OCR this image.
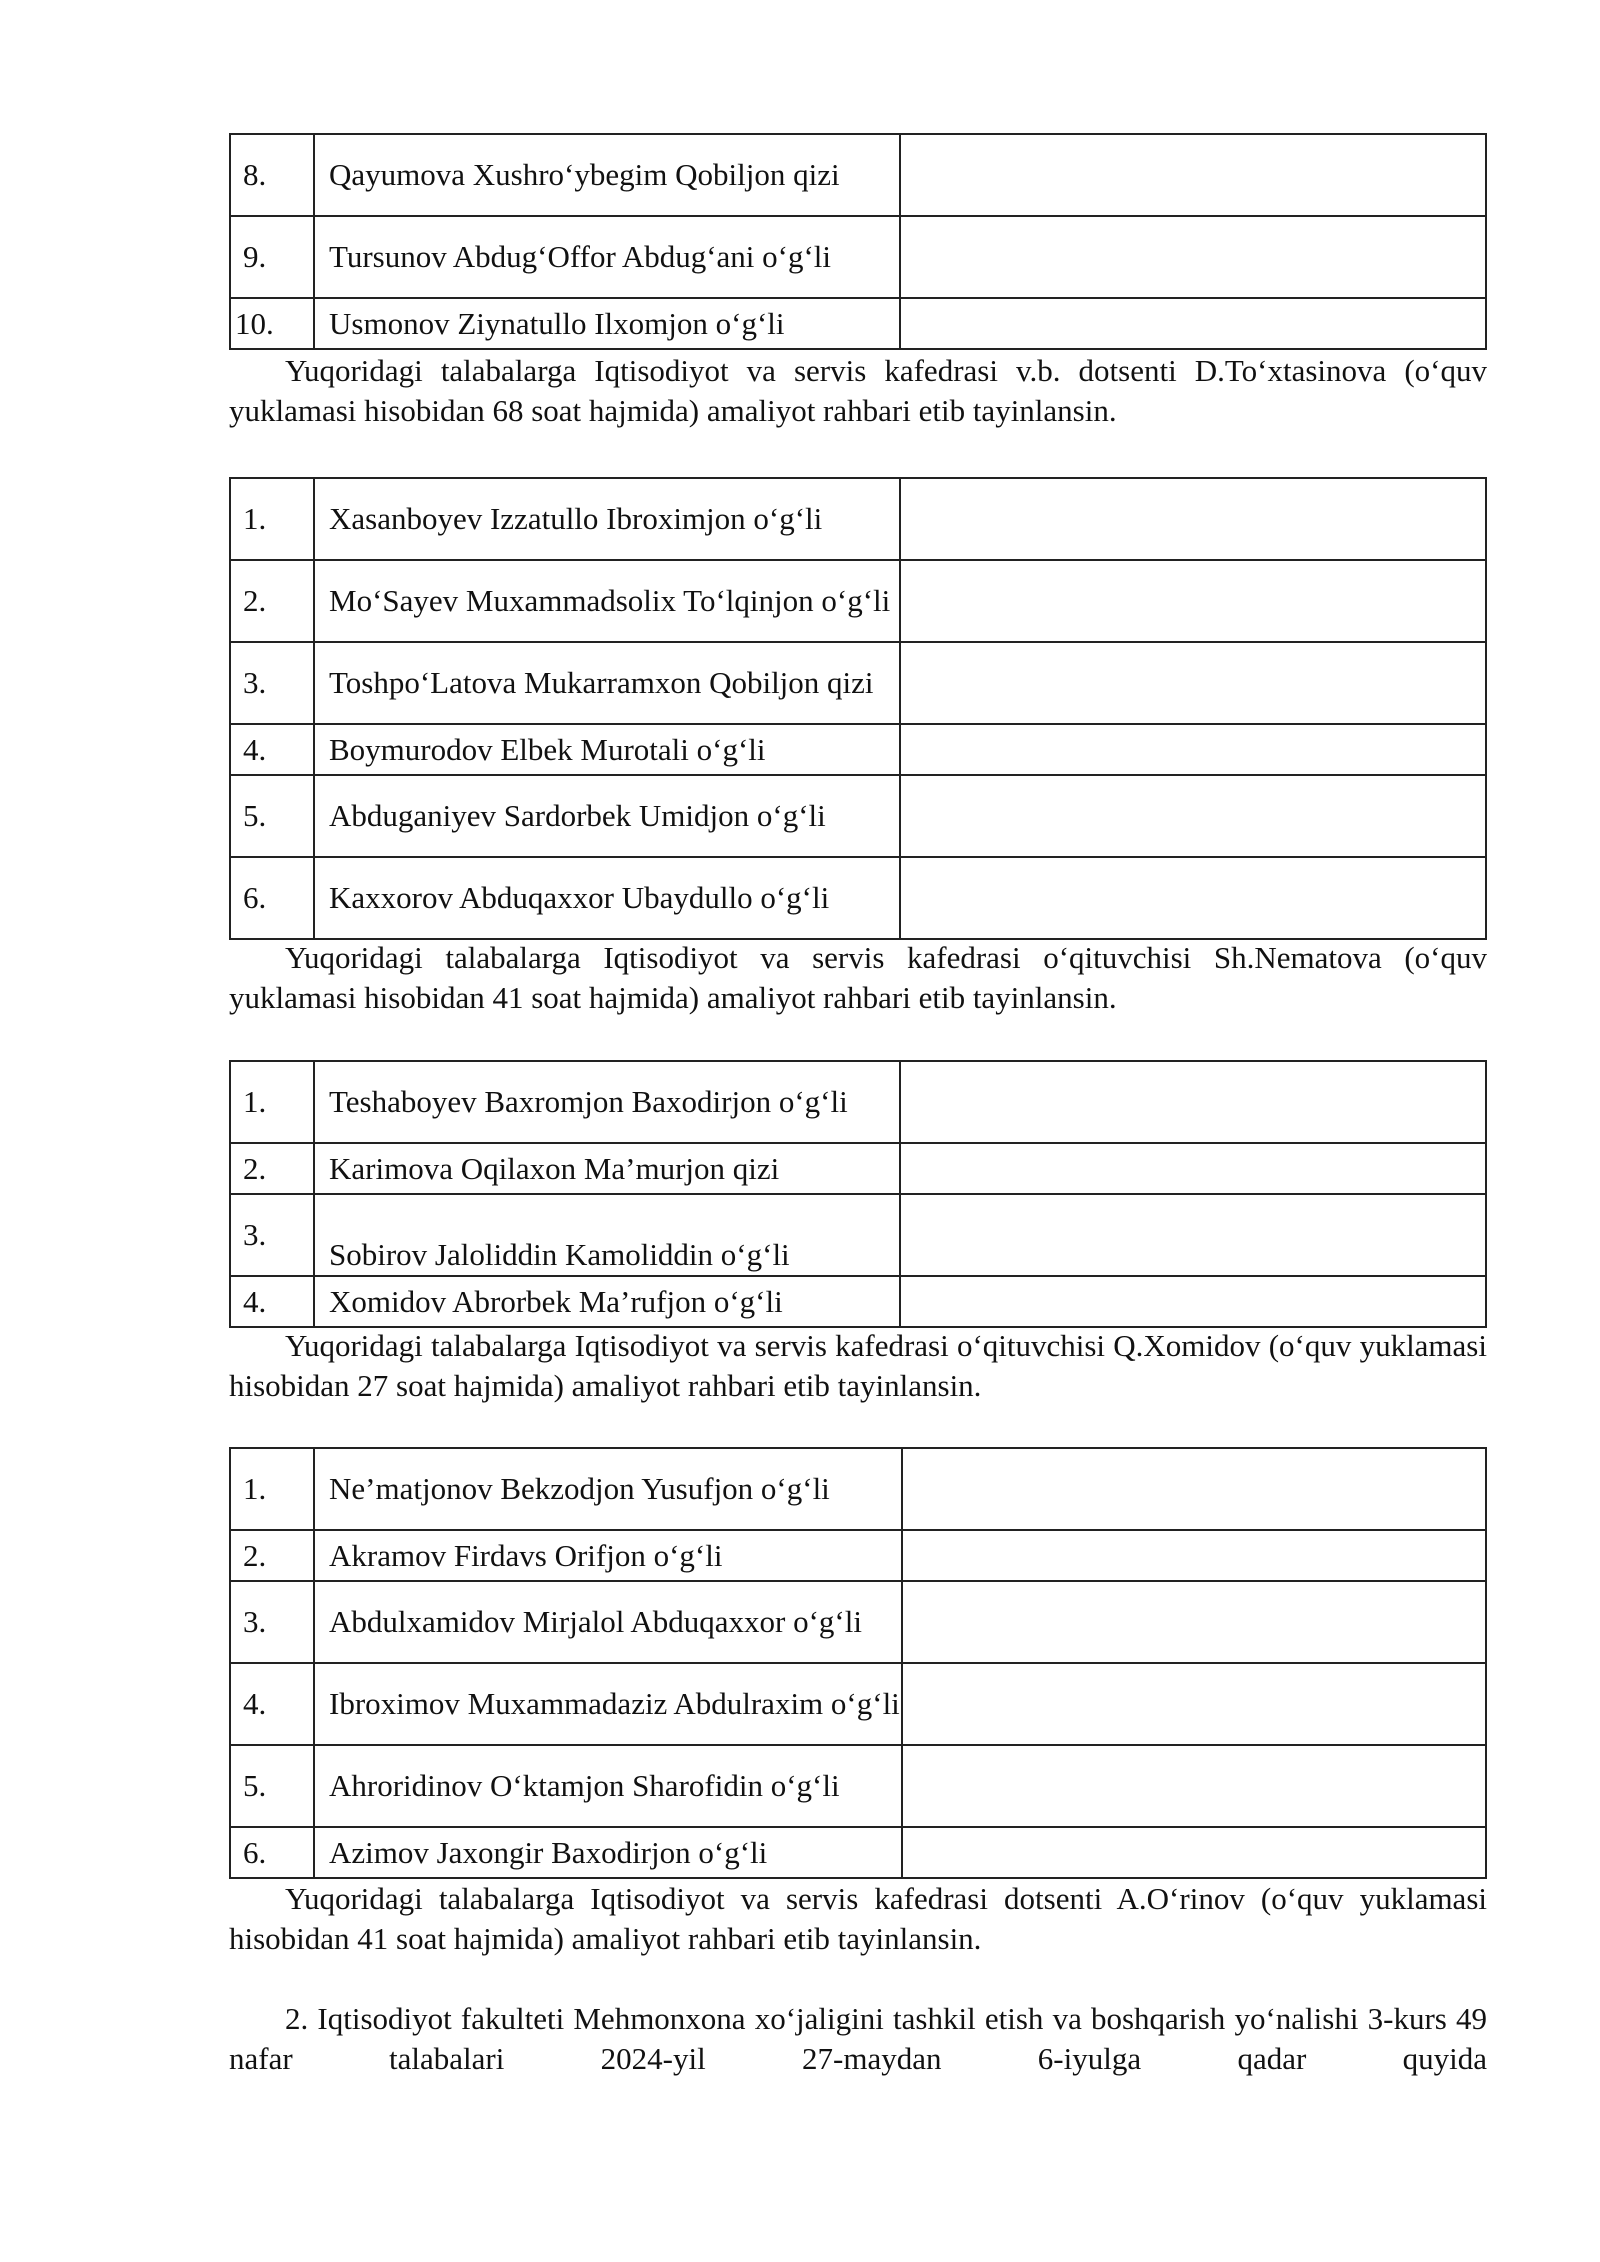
8.	Qayumova Xushro‘ybegim Qobiljon qizi	
9.	Tursunov Abdug‘Offor Abdug‘ani o‘g‘li	
10.	Usmonov Ziynatullo Ilxomjon o‘g‘li	

Yuqoridagi talabalarga Iqtisodiyot va servis kafedrasi v.b. dotsenti D.To‘xtasinova (o‘quv yuklamasi hisobidan 68 soat hajmida) amaliyot rahbari etib tayinlansin.

1.	Xasanboyev Izzatullo Ibroximjon o‘g‘li	
2.	Mo‘Sayev Muxammadsolix To‘lqinjon o‘g‘li	
3.	Toshpo‘Latova Mukarramxon Qobiljon qizi	
4.	Boymurodov Elbek Murotali o‘g‘li	
5.	Abduganiyev Sardorbek Umidjon o‘g‘li	
6.	Kaxxorov Abduqaxxor Ubaydullo o‘g‘li	

Yuqoridagi talabalarga Iqtisodiyot va servis kafedrasi o‘qituvchisi Sh.Nematova (o‘quv yuklamasi hisobidan 41 soat hajmida) amaliyot rahbari etib tayinlansin.

1.	Teshaboyev Baxromjon Baxodirjon o‘g‘li	
2.	Karimova Oqilaxon Ma’murjon qizi	
3.	Sobirov Jaloliddin Kamoliddin o‘g‘li	
4.	Xomidov Abrorbek Ma’rufjon o‘g‘li	

Yuqoridagi talabalarga Iqtisodiyot va servis kafedrasi o‘qituvchisi Q.Xomidov (o‘quv yuklamasi hisobidan 27 soat hajmida) amaliyot rahbari etib tayinlansin.

1.	Ne’matjonov Bekzodjon Yusufjon o‘g‘li	
2.	Akramov Firdavs Orifjon o‘g‘li	
3.	Abdulxamidov Mirjalol Abduqaxxor o‘g‘li	
4.	Ibroximov Muxammadaziz Abdulraxim o‘g‘li	
5.	Ahroridinov O‘ktamjon Sharofidin o‘g‘li	
6.	Azimov Jaxongir Baxodirjon o‘g‘li	

Yuqoridagi talabalarga Iqtisodiyot va servis kafedrasi dotsenti A.O‘rinov (o‘quv yuklamasi hisobidan 41 soat hajmida) amaliyot rahbari etib tayinlansin.

2. Iqtisodiyot fakulteti Mehmonxona xo‘jaligini tashkil etish va boshqarish yo‘nalishi 3-kurs 49 nafar talabalari 2024-yil 27-maydan 6-iyulga qadar quyida
